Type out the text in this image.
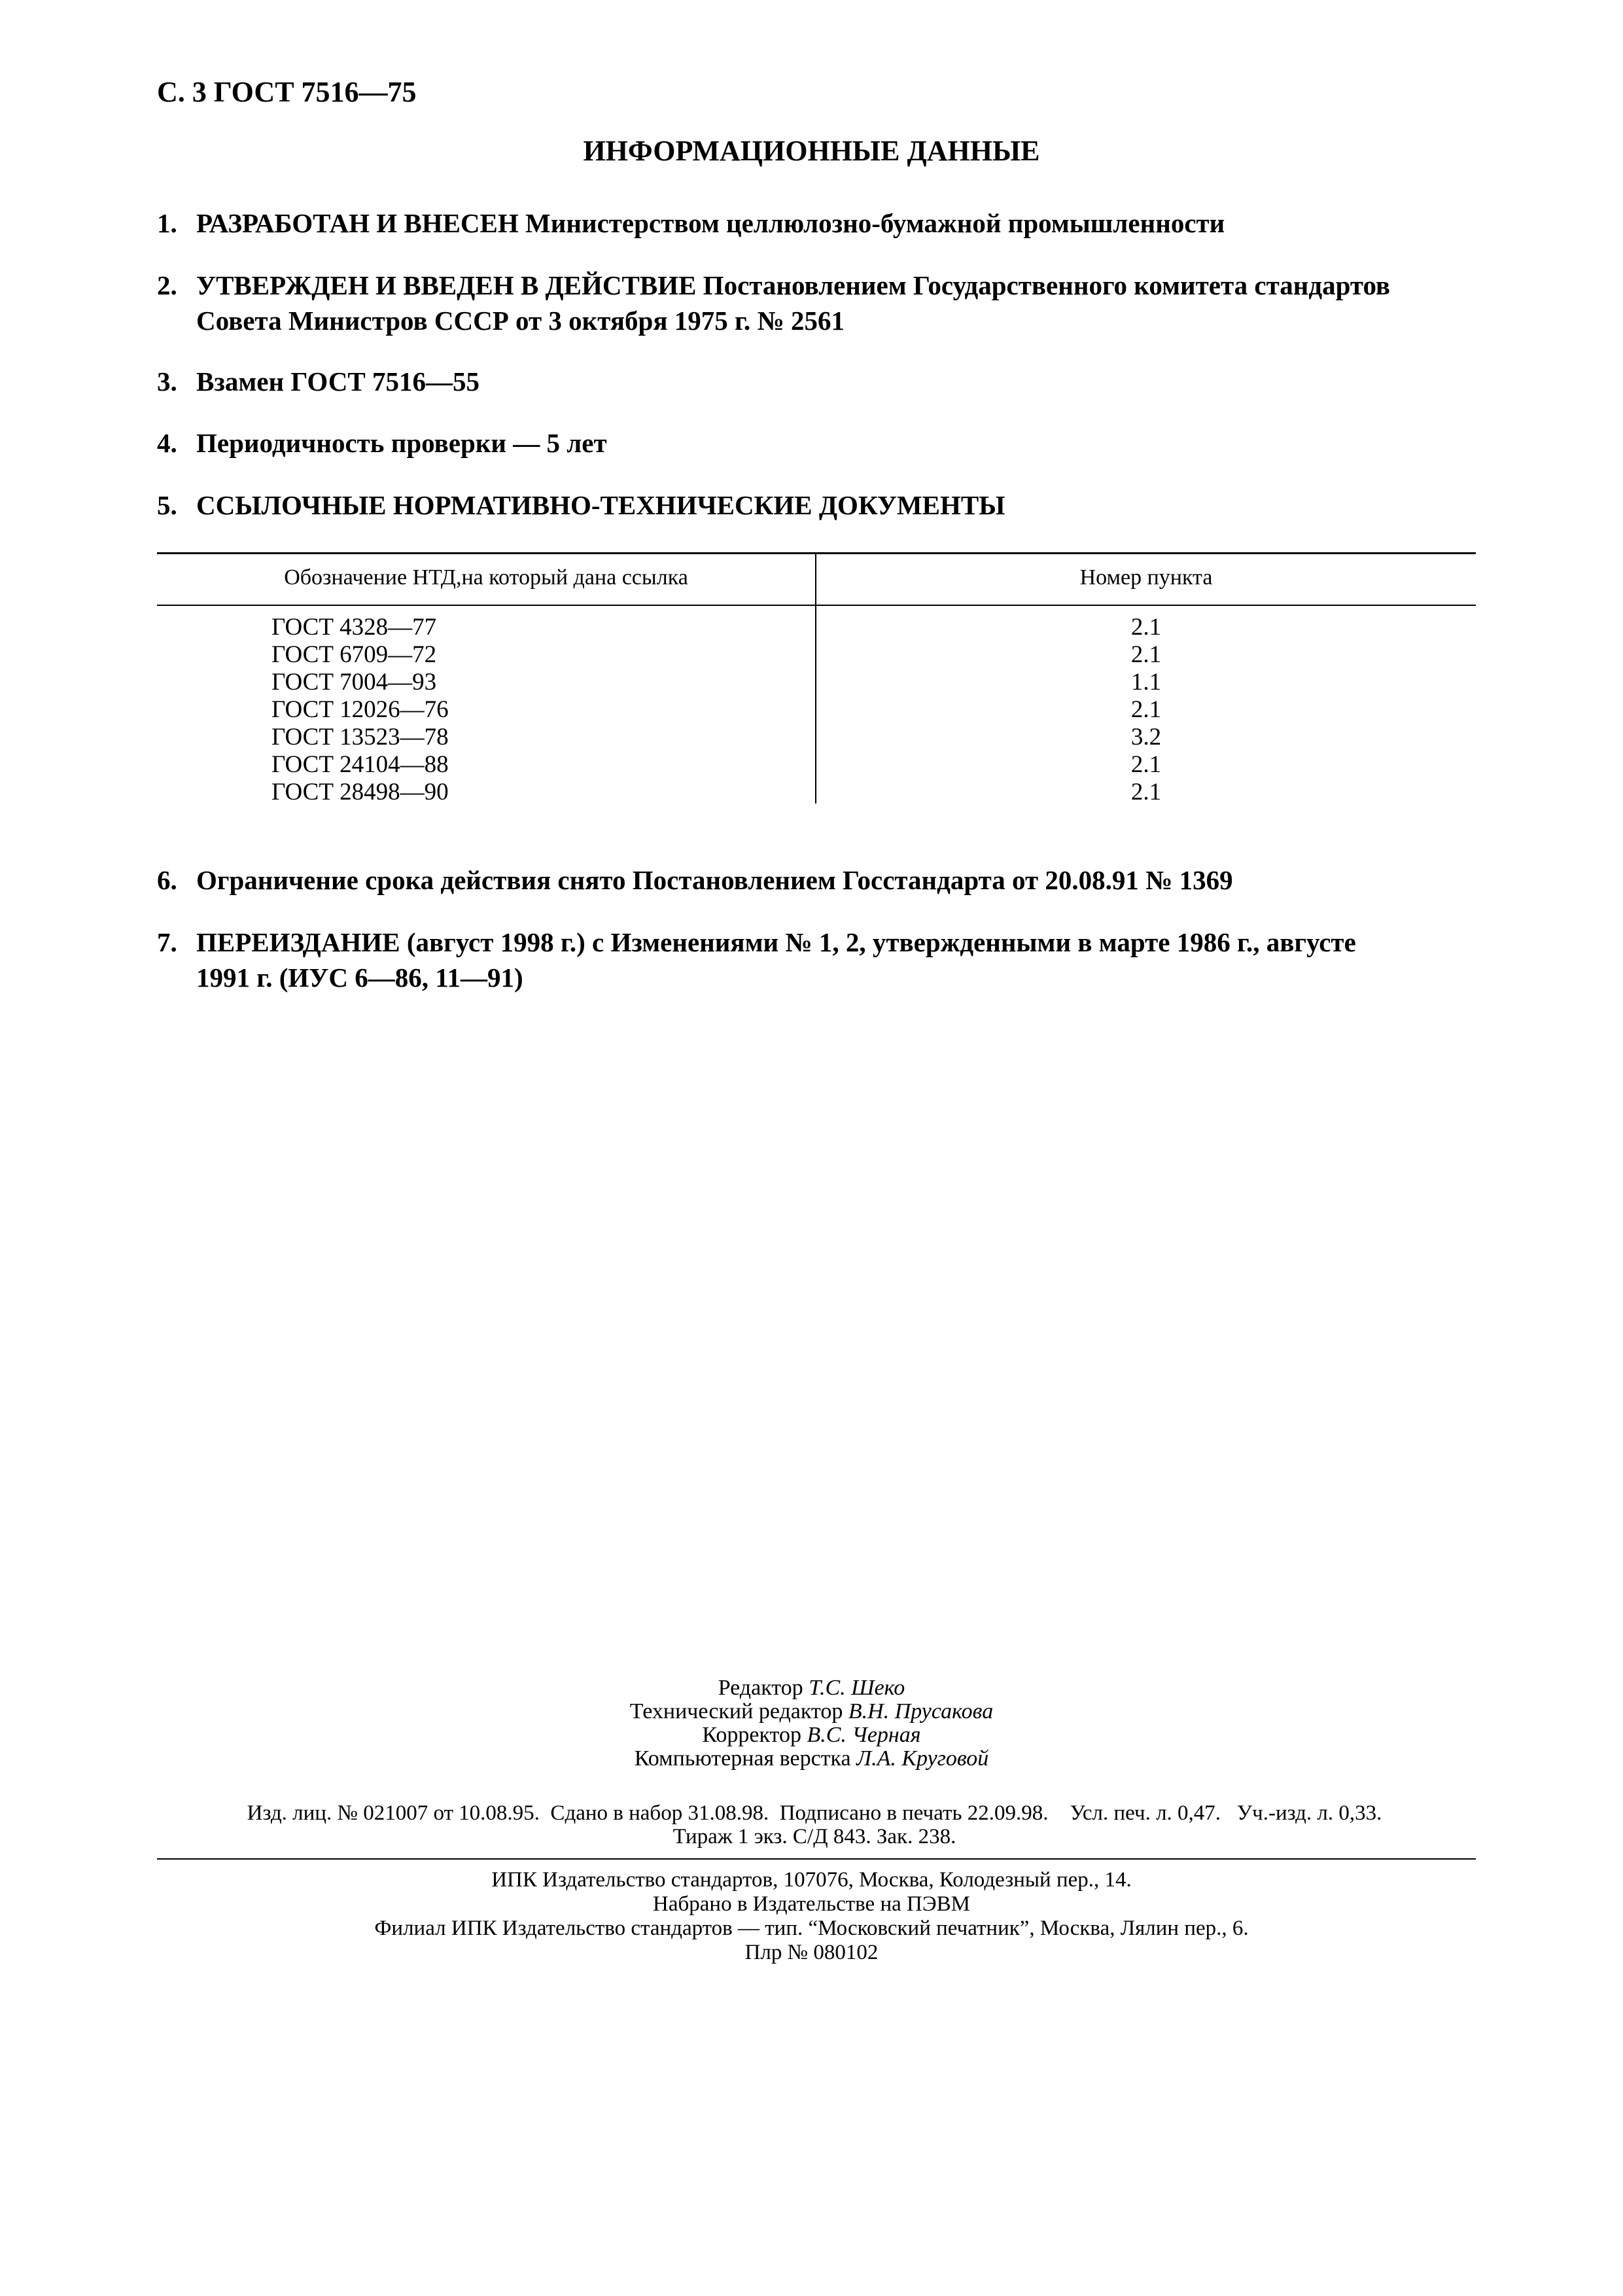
С. 3 ГОСТ 7516—75
ИНФОРМАЦИОННЫЕ ДАННЫЕ
1. РАЗРАБОТАН И ВНЕСЕН Министерством целлюлозно-бумажной промышленности
2. УТВЕРЖДЕН И ВВЕДЕН В ДЕЙСТВИЕ Постановлением Государственного комитета стандартов
Совета Министров СССР от 3 октября 1975 г. № 2561
3. Взамен ГОСТ 7516—55
4. Периодичность проверки — 5 лет
5. ССЫЛОЧНЫЕ НОРМАТИВНО-ТЕХНИЧЕСКИЕ ДОКУМЕНТЫ
Обозначение НТД,на который дана ссылка	Номер пункта
ГОСТ 4328—77	2.1
ГОСТ 6709—72	2.1
ГОСТ 7004—93	1.1
ГОСТ 12026—76	2.1
ГОСТ 13523—78	3.2
ГОСТ 24104—88	2.1
ГОСТ 28498—90	2.1
6. Ограничение срока действия снято Постановлением Госстандарта от 20.08.91 № 1369
7. ПЕРЕИЗДАНИЕ (август 1998 г.) с Изменениями № 1, 2, утвержденными в марте 1986 г., августе
1991 г. (ИУС 6—86, 11—91)
Редактор Т.С. Шеко
Технический редактор В.Н. Прусакова
Корректор В.С. Черная
Компьютерная верстка Л.А. Круговой
Изд. лиц. № 021007 от 10.08.95.  Сдано в набор 31.08.98.  Подписано в печать 22.09.98.    Усл. печ. л. 0,47.   Уч.-изд. л. 0,33.
Тираж 1 экз. С/Д 843. Зак. 238.
ИПК Издательство стандартов, 107076, Москва, Колодезный пер., 14.
Набрано в Издательстве на ПЭВМ
Филиал ИПК Издательство стандартов — тип. “Московский печатник”, Москва, Лялин пер., 6.
Плр № 080102
